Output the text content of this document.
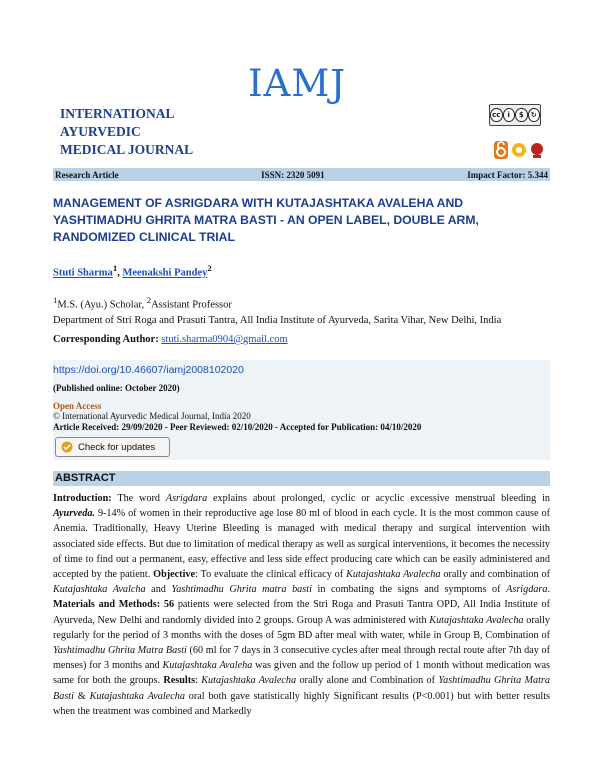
IAMJ
INTERNATIONAL
AYURVEDIC
MEDICAL JOURNAL
cc	i	$	↻
Research Article	ISSN: 2320 5091	Impact Factor: 5.344
MANAGEMENT OF ASRIGDARA WITH KUTAJASHTAKA AVALEHA AND YASHTIMADHU GHRITA MATRA BASTI - AN OPEN LABEL, DOUBLE ARM, RANDOMIZED CLINICAL TRIAL
Stuti Sharma$^1$, Meenakshi Pandey$^2$
$^1$M.S. (Ayu.) Scholar, $^2$Assistant Professor
Department of Stri Roga and Prasuti Tantra, All India Institute of Ayurveda, Sarita Vihar, New Delhi, India
Corresponding Author: stuti.sharma0904@gmail.com
https://doi.org/10.46607/iamj2008102020
(Published online: October 2020)
Open Access
© International Ayurvedic Medical Journal, India 2020
Article Received: 29/09/2020 - Peer Reviewed: 02/10/2020 - Accepted for Publication: 04/10/2020
Check for updates
ABSTRACT
Introduction: The word Asrigdara explains about prolonged, cyclic or acyclic excessive menstrual bleeding in Ayurveda. 9-14% of women in their reproductive age lose 80 ml of blood in each cycle. It is the most common cause of Anemia. Traditionally, Heavy Uterine Bleeding is managed with medical therapy and surgical intervention with associated side effects. But due to limitation of medical therapy as well as surgical interventions, it becomes the necessity of time to find out a permanent, easy, effective and less side effect producing care which can be easily administered and accepted by the patient. Objective: To evaluate the clinical efficacy of Kutajashtaka Avalecha orally and combination of Kutajashtaka Avalcha and Yashtimadhu Ghrita matra basti in combating the signs and symptoms of Asrigdara. Materials and Methods: 56 patients were selected from the Stri Roga and Prasuti Tantra OPD, All India Institute of Ayurveda, New Delhi and randomly divided into 2 groups. Group A was administered with Kutajashtaka Avalecha orally regularly for the period of 3 months with the doses of 5gm BD after meal with water, while in Group B, Combination of Yashtimadhu Ghrita Matra Basti (60 ml for 7 days in 3 consecutive cycles after meal through rectal route after 7th day of menses) for 3 months and Kutajashtaka Avaleha was given and the follow up period of 1 month without medication was same for both the groups. Results: Kutajashtaka Avalecha orally alone and Combination of Yashtimadhu Ghrita Matra Basti & Kutajashtaka Avalecha oral both gave statistically highly Significant results (P<0.001) but with better results when the treatment was combined and Markedly
